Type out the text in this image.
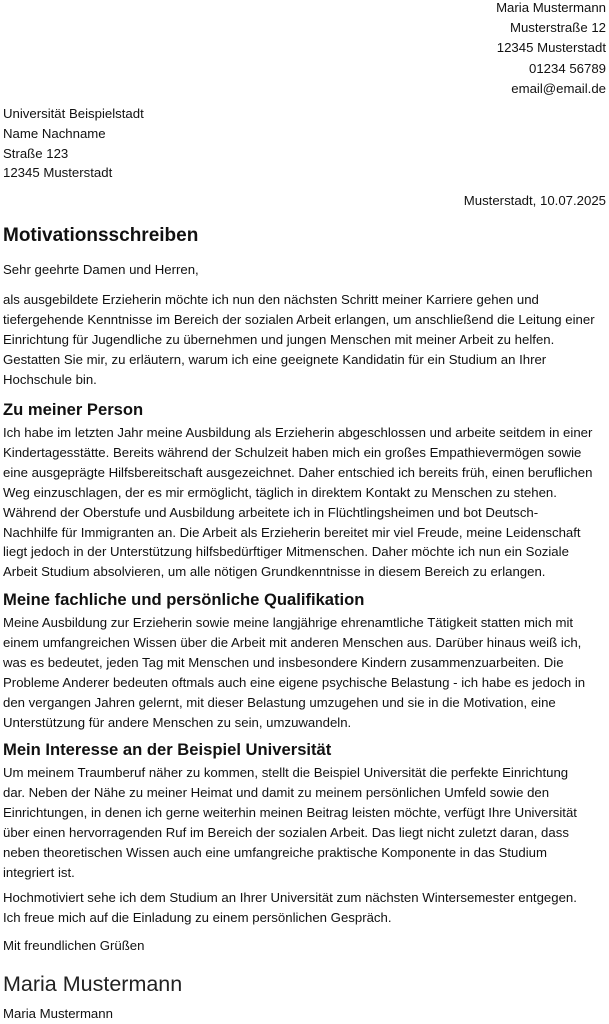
Maria Mustermann
Musterstraße 12
12345 Musterstadt
01234 56789
email@email.de
Universität Beispielstadt
Name Nachname
Straße 123
12345 Musterstadt
Musterstadt, 10.07.2025
Motivationsschreiben
Sehr geehrte Damen und Herren,
als ausgebildete Erzieherin möchte ich nun den nächsten Schritt meiner Karriere gehen und
tiefergehende Kenntnisse im Bereich der sozialen Arbeit erlangen, um anschließend die Leitung einer
Einrichtung für Jugendliche zu übernehmen und jungen Menschen mit meiner Arbeit zu helfen.
Gestatten Sie mir, zu erläutern, warum ich eine geeignete Kandidatin für ein Studium an Ihrer
Hochschule bin.
Zu meiner Person
Ich habe im letzten Jahr meine Ausbildung als Erzieherin abgeschlossen und arbeite seitdem in einer
Kindertagesstätte. Bereits während der Schulzeit haben mich ein großes Empathievermögen sowie
eine ausgeprägte Hilfsbereitschaft ausgezeichnet. Daher entschied ich bereits früh, einen beruflichen
Weg einzuschlagen, der es mir ermöglicht, täglich in direktem Kontakt zu Menschen zu stehen.
Während der Oberstufe und Ausbildung arbeitete ich in Flüchtlingsheimen und bot Deutsch-
Nachhilfe für Immigranten an. Die Arbeit als Erzieherin bereitet mir viel Freude, meine Leidenschaft
liegt jedoch in der Unterstützung hilfsbedürftiger Mitmenschen. Daher möchte ich nun ein Soziale
Arbeit Studium absolvieren, um alle nötigen Grundkenntnisse in diesem Bereich zu erlangen.
Meine fachliche und persönliche Qualifikation
Meine Ausbildung zur Erzieherin sowie meine langjährige ehrenamtliche Tätigkeit statten mich mit
einem umfangreichen Wissen über die Arbeit mit anderen Menschen aus. Darüber hinaus weiß ich,
was es bedeutet, jeden Tag mit Menschen und insbesondere Kindern zusammenzuarbeiten. Die
Probleme Anderer bedeuten oftmals auch eine eigene psychische Belastung - ich habe es jedoch in
den vergangen Jahren gelernt, mit dieser Belastung umzugehen und sie in die Motivation, eine
Unterstützung für andere Menschen zu sein, umzuwandeln.
Mein Interesse an der Beispiel Universität
Um meinem Traumberuf näher zu kommen, stellt die Beispiel Universität die perfekte Einrichtung
dar. Neben der Nähe zu meiner Heimat und damit zu meinem persönlichen Umfeld sowie den
Einrichtungen, in denen ich gerne weiterhin meinen Beitrag leisten möchte, verfügt Ihre Universität
über einen hervorragenden Ruf im Bereich der sozialen Arbeit. Das liegt nicht zuletzt daran, dass
neben theoretischen Wissen auch eine umfangreiche praktische Komponente in das Studium
integriert ist.
Hochmotiviert sehe ich dem Studium an Ihrer Universität zum nächsten Wintersemester entgegen.
Ich freue mich auf die Einladung zu einem persönlichen Gespräch.
Mit freundlichen Grüßen
Maria Mustermann
Maria Mustermann
